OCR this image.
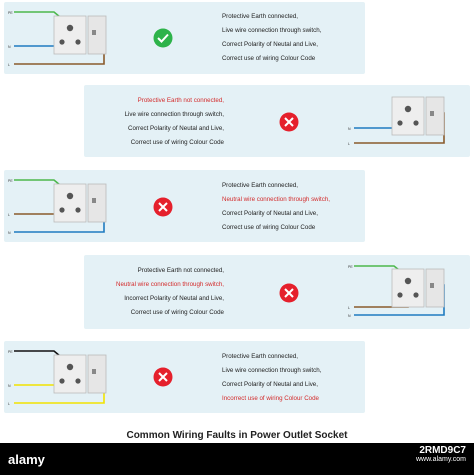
PE
N
L
Protective Earth connected,
Live wire connection through switch,
Correct Polarity of Neutal and Live,
Correct use of wiring Colour Code
Protective Earth not connected,
Live wire connection through switch,
Correct Polarity of Neutal and Live,
Correct use of wiring Colour Code
N
L
PE
L
N
Protective Earth connected,
Neutral wire connection through switch,
Correct Polarity of Neutal and Live,
Correct use of wiring Colour Code
Protective Earth not connected,
Neutral wire connection through switch,
Incorrect Polarity of Neutal and Live,
Correct use of wiring Colour Code
PE
L
N
PE
N
L
Protective Earth connected,
Live wire connection through switch,
Correct Polarity of Neutal and Live,
Incorrect use of wiring Colour Code
Common Wiring Faults in Power Outlet Socket
alamy
2RMD9C7
www.alamy.com
